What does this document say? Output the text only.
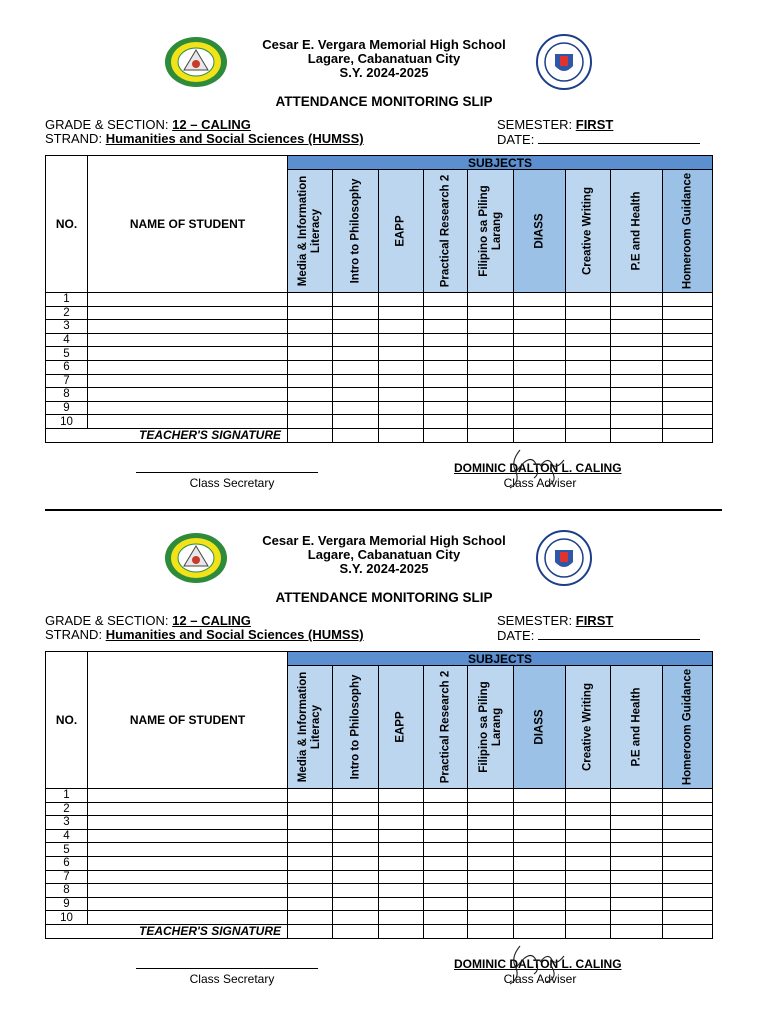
Cesar E. Vergara Memorial High School
Lagare, Cabanatuan City
S.Y. 2024-2025
ATTENDANCE MONITORING SLIP
GRADE & SECTION: 12 – CALING
STRAND: Humanities and Social Sciences (HUMSS)
SEMESTER: FIRST
DATE:
NO.	NAME OF STUDENT	SUBJECTS								

		Media & Information Literacy	Intro to Philosophy	EAPP	Practical Research 2	Filipino sa Piling Larang	DIASS	Creative Writing	P.E and Health	Homeroom Guidance

1										
2										
3										
4										
5										
6										
7										
8										
9										
10										
TEACHER'S SIGNATURE										
Class Secretary
DOMINIC DALTON L. CALING
Class Adviser
Cesar E. Vergara Memorial High School
Lagare, Cabanatuan City
S.Y. 2024-2025
ATTENDANCE MONITORING SLIP
GRADE & SECTION: 12 – CALING
STRAND: Humanities and Social Sciences (HUMSS)
SEMESTER: FIRST
DATE:
NO.	NAME OF STUDENT	SUBJECTS								

		Media & Information Literacy	Intro to Philosophy	EAPP	Practical Research 2	Filipino sa Piling Larang	DIASS	Creative Writing	P.E and Health	Homeroom Guidance

1										
2										
3										
4										
5										
6										
7										
8										
9										
10										
TEACHER'S SIGNATURE										
Class Secretary
DOMINIC DALTON L. CALING
Class Adviser
